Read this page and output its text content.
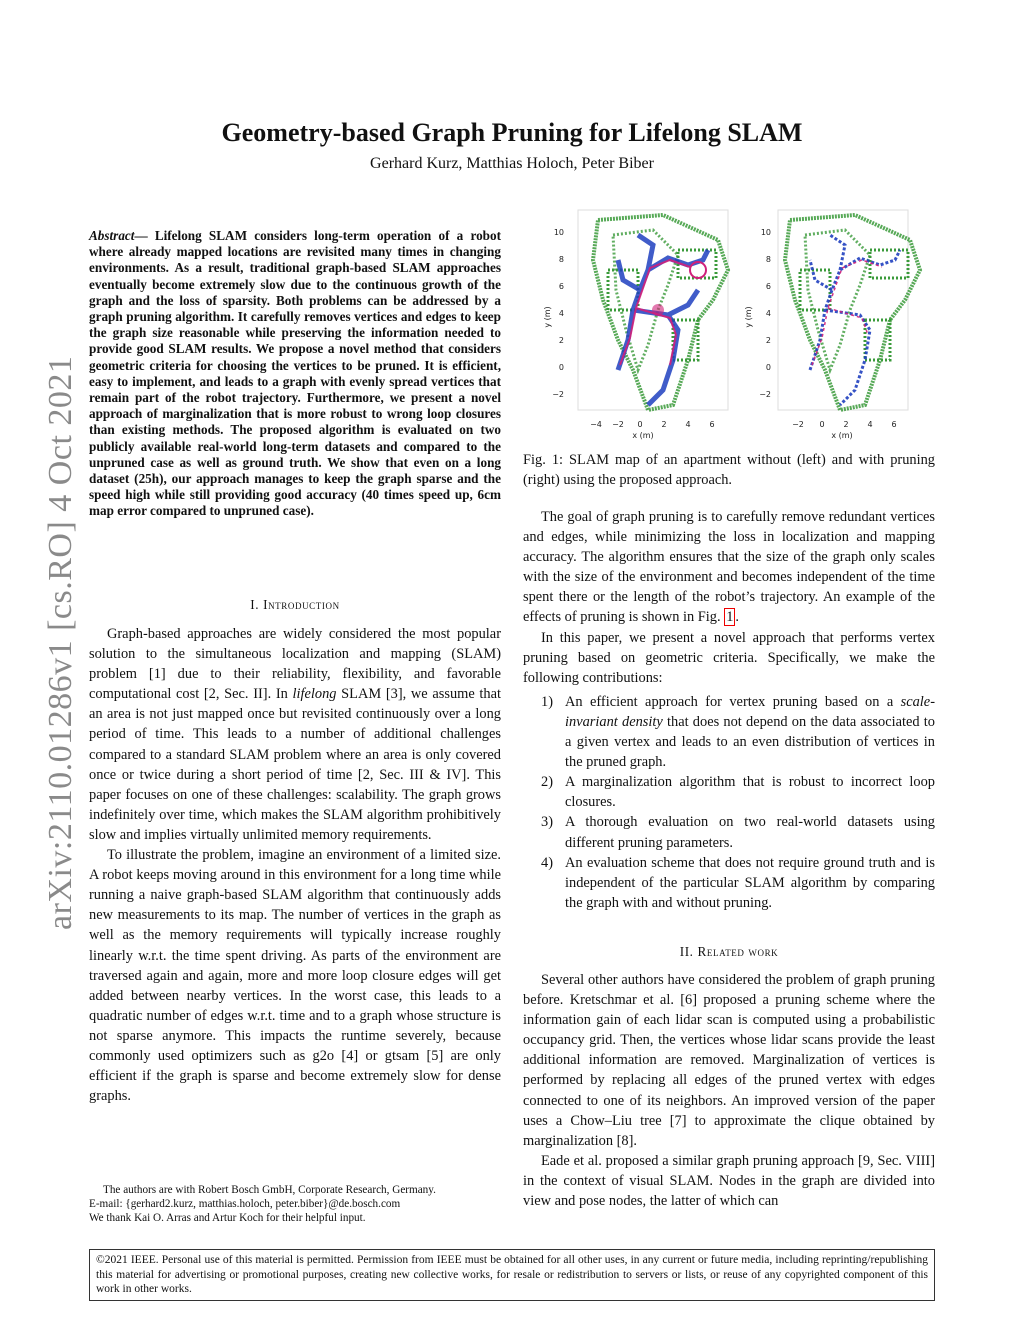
arXiv:2110.01286v1 [cs.RO] 4 Oct 2021
Geometry-based Graph Pruning for Lifelong SLAM
Gerhard Kurz, Matthias Holoch, Peter Biber
Abstract— Lifelong SLAM considers long-term operation of a robot where already mapped locations are revisited many times in changing environments. As a result, traditional graph-based SLAM approaches eventually become extremely slow due to the continuous growth of the graph and the loss of sparsity. Both problems can be addressed by a graph pruning algorithm. It carefully removes vertices and edges to keep the graph size reasonable while preserving the information needed to provide good SLAM results. We propose a novel method that considers geometric criteria for choosing the vertices to be pruned. It is efficient, easy to implement, and leads to a graph with evenly spread vertices that remain part of the robot trajectory. Furthermore, we present a novel approach of marginalization that is more robust to wrong loop closures than existing methods. The proposed algorithm is evaluated on two publicly available real-world long-term datasets and compared to the unpruned case as well as ground truth. We show that even on a long dataset (25h), our approach manages to keep the graph sparse and the speed high while still providing good accuracy (40 times speed up, 6cm map error compared to unpruned case).
I. Introduction

Graph-based approaches are widely considered the most popular solution to the simultaneous localization and mapping (SLAM) problem [1] due to their reliability, flexibility, and favorable computational cost [2, Sec. II]. In lifelong SLAM [3], we assume that an area is not just mapped once but revisited continuously over a long period of time. This leads to a number of additional challenges compared to a standard SLAM problem where an area is only covered once or twice during a short period of time [2, Sec. III & IV]. This paper focuses on one of these challenges: scalability. The graph grows indefinitely over time, which makes the SLAM algorithm prohibitively slow and implies virtually unlimited memory requirements.

To illustrate the problem, imagine an environment of a limited size. A robot keeps moving around in this environment for a long time while running a naive graph-based SLAM algorithm that continuously adds new measurements to its map. The number of vertices in the graph as well as the memory requirements will typically increase roughly linearly w.r.t. the time spent driving. As parts of the environment are traversed again and again, more and more loop closure edges will get added between nearby vertices. In the worst case, this leads to a quadratic number of edges w.r.t. time and to a graph whose structure is not sparse anymore. This impacts the runtime severely, because commonly used optimizers such as g2o [4] or gtsam [5] are only efficient if the graph is sparse and become extremely slow for dense graphs.

The authors are with Robert Bosch GmbH, Corporate Research, Germany.

E-mail: {gerhard2.kurz, matthias.holoch, peter.biber}@de.bosch.com

We thank Kai O. Arras and Artur Koch for their helpful input.

10
8
6
4
2
0
−2
y (m)
−4 −2 0 2 4 6
x (m)
10
8
6
4
2
0
−2
y (m)
−2 0 2 4 6
x (m)
Fig. 1: SLAM map of an apartment without (left) and with pruning (right) using the proposed approach.

The goal of graph pruning is to carefully remove redundant vertices and edges, while minimizing the loss in localization and mapping accuracy. The algorithm ensures that the size of the graph only scales with the size of the environment and becomes independent of the time spent there or the length of the robot’s trajectory. An example of the effects of pruning is shown in Fig. 1 .

In this paper, we present a novel approach that performs vertex pruning based on geometric criteria. Specifically, we make the following contributions:

1) An efficient approach for vertex pruning based on a scale-invariant density that does not depend on the data associated to a given vertex and leads to an even distribution of vertices in the pruned graph.
2) A marginalization algorithm that is robust to incorrect loop closures.
3) A thorough evaluation on two real-world datasets using different pruning parameters.
4) An evaluation scheme that does not require ground truth and is independent of the particular SLAM algorithm by comparing the graph with and without pruning.
II. Related work

Several other authors have considered the problem of graph pruning before. Kretschmar et al. [6] proposed a pruning scheme where the information gain of each lidar scan is computed using a probabilistic occupancy grid. Then, the vertices whose lidar scans provide the least additional information are removed. Marginalization of vertices is performed by replacing all edges of the pruned vertex with edges connected to one of its neighbors. An improved version of the paper uses a Chow–Liu tree [7] to approximate the clique obtained by marginalization [8].

Eade et al. proposed a similar graph pruning approach [9, Sec. VIII] in the context of visual SLAM. Nodes in the graph are divided into view and pose nodes, the latter of which can

©2021 IEEE. Personal use of this material is permitted. Permission from IEEE must be obtained for all other uses, in any current or future media, including reprinting/republishing this material for advertising or promotional purposes, creating new collective works, for resale or redistribution to servers or lists, or reuse of any copyrighted component of this work in other works.
